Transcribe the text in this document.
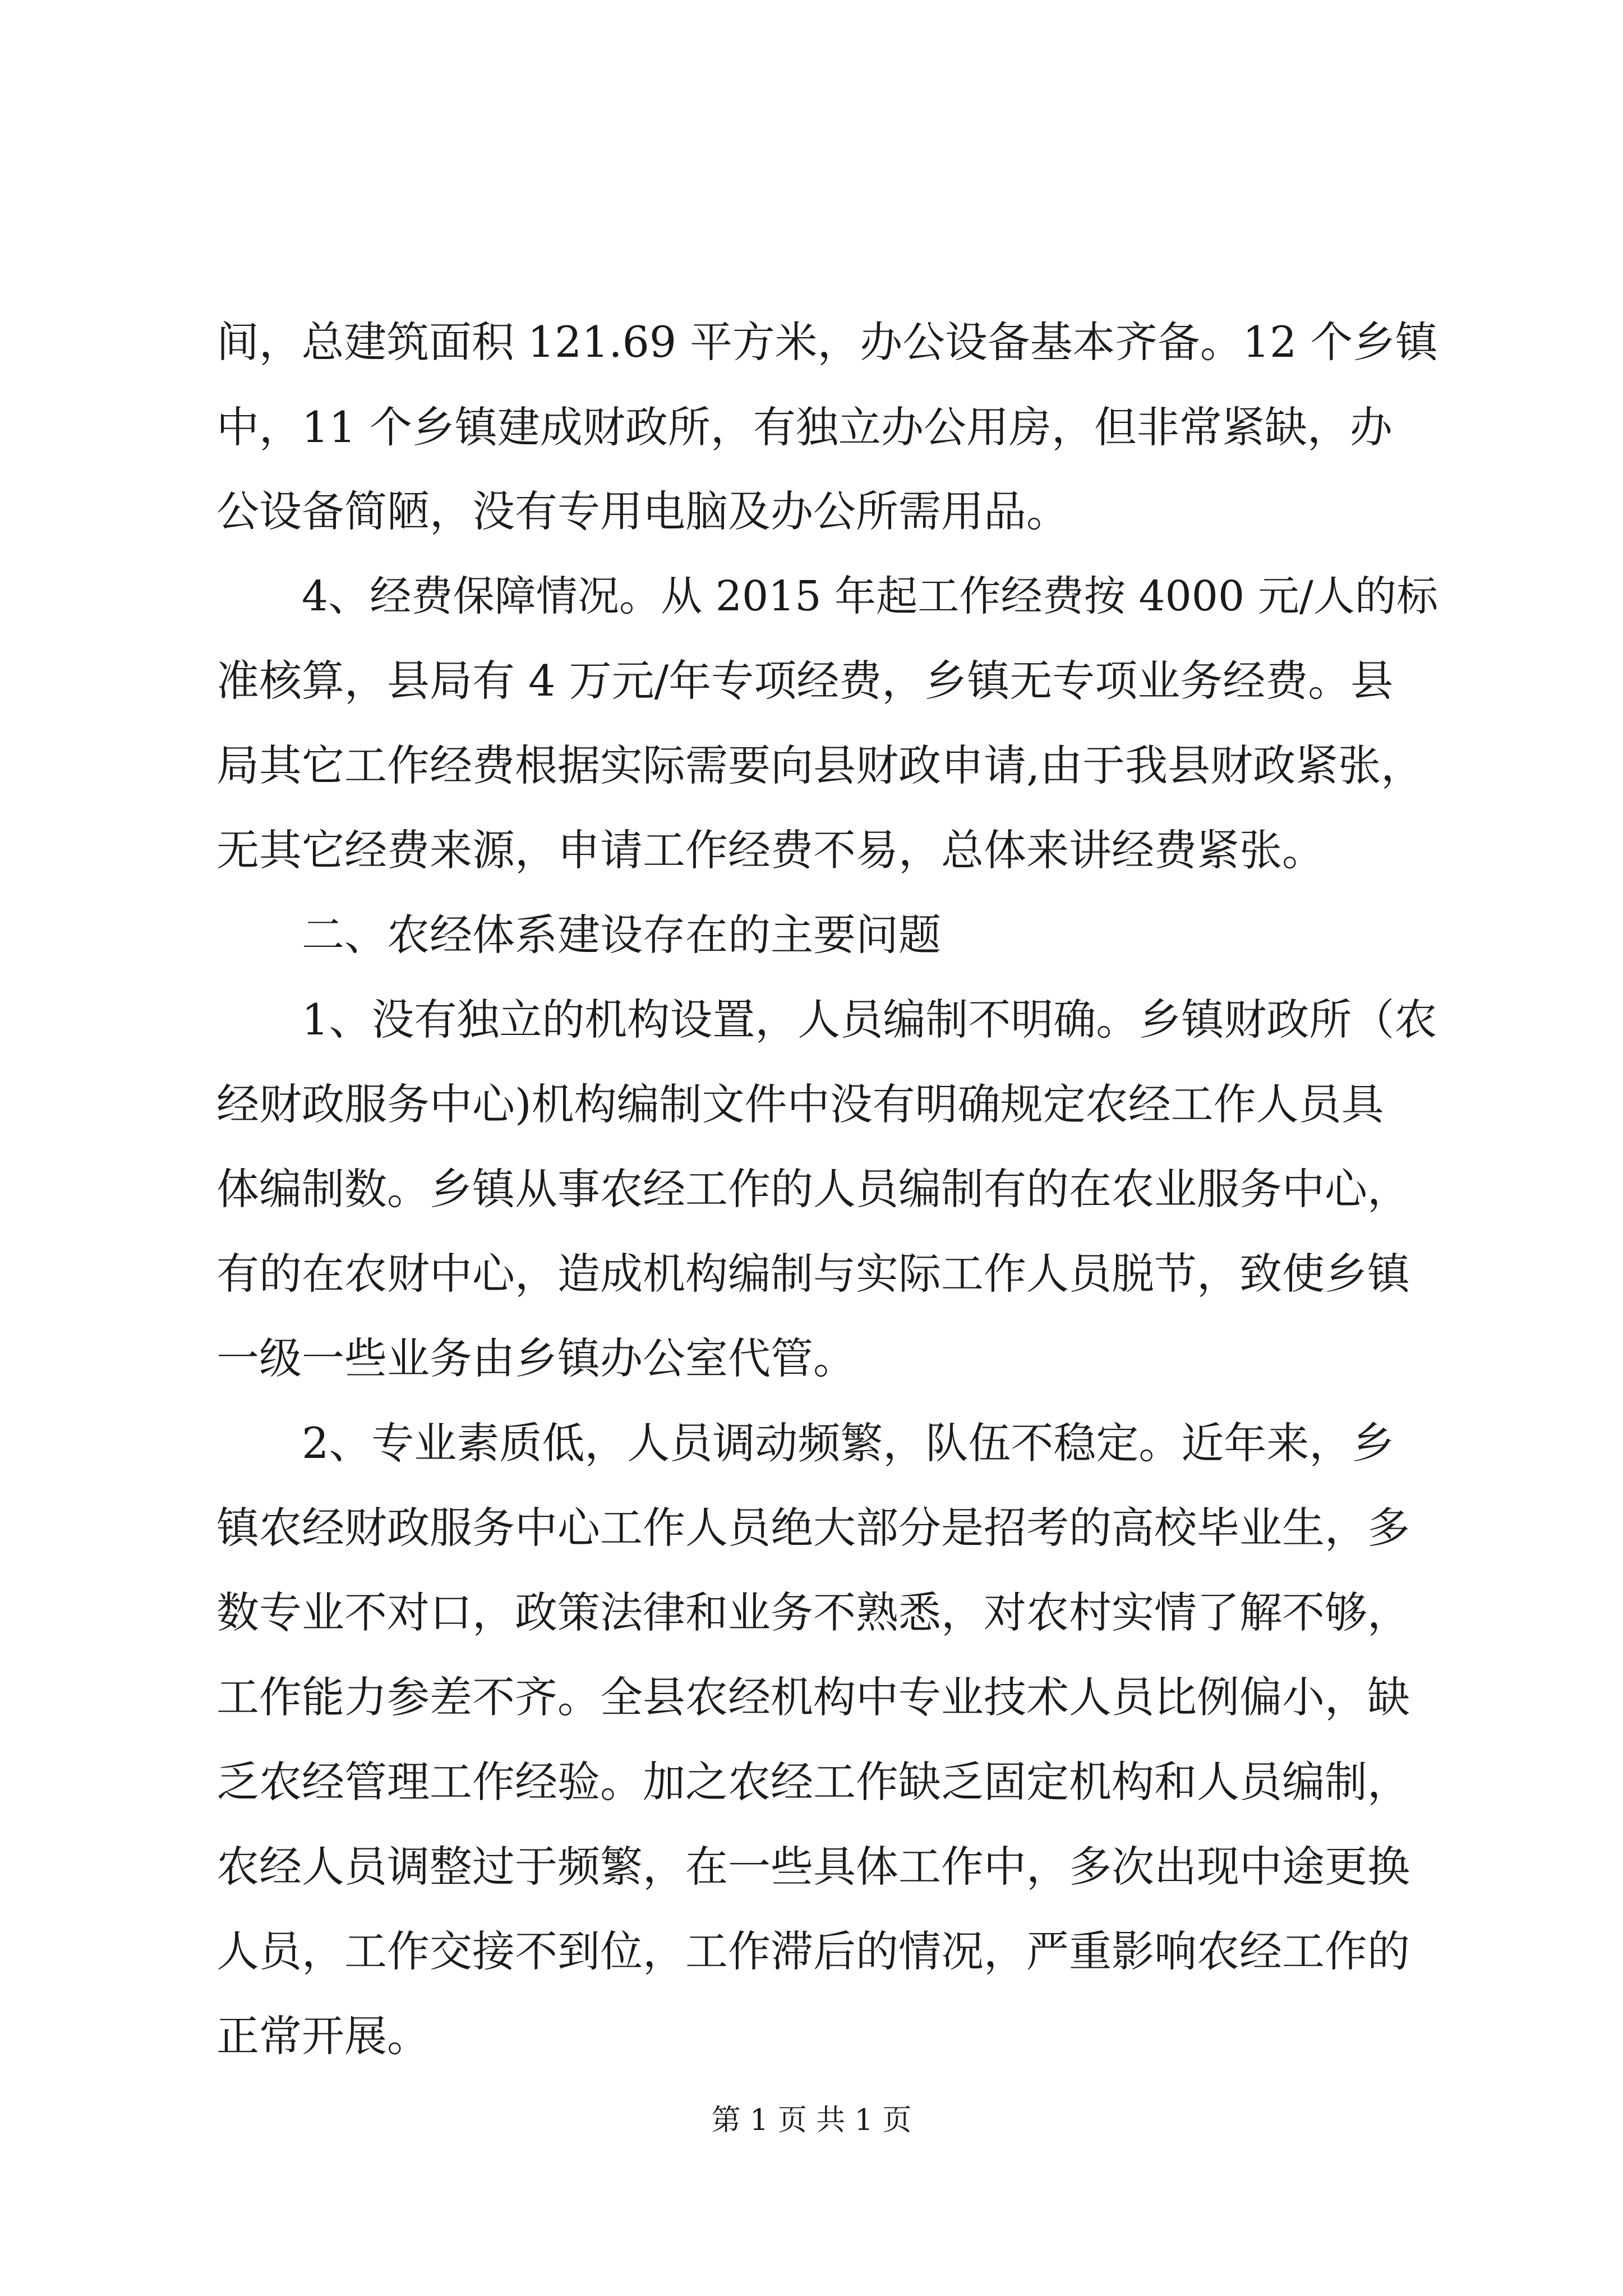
间，总建筑面积 121.69 平方米，办公设备基本齐备。12 个乡镇
中，11 个乡镇建成财政所，有独立办公用房，但非常紧缺，办
公设备简陋，没有专用电脑及办公所需用品。
4、经费保障情况。从 2015 年起工作经费按 4000 元/人的标
准核算，县局有 4 万元/年专项经费，乡镇无专项业务经费。县
局其它工作经费根据实际需要向县财政申请,由于我县财政紧张，
无其它经费来源，申请工作经费不易，总体来讲经费紧张。
二、农经体系建设存在的主要问题
1、没有独立的机构设置，人员编制不明确。乡镇财政所（农
经财政服务中心)机构编制文件中没有明确规定农经工作人员具
体编制数。乡镇从事农经工作的人员编制有的在农业服务中心，
有的在农财中心，造成机构编制与实际工作人员脱节，致使乡镇
一级一些业务由乡镇办公室代管。
2、专业素质低，人员调动频繁，队伍不稳定。近年来，乡
镇农经财政服务中心工作人员绝大部分是招考的高校毕业生，多
数专业不对口，政策法律和业务不熟悉，对农村实情了解不够，
工作能力参差不齐。全县农经机构中专业技术人员比例偏小，缺
乏农经管理工作经验。加之农经工作缺乏固定机构和人员编制，
农经人员调整过于频繁，在一些具体工作中，多次出现中途更换
人员，工作交接不到位，工作滞后的情况，严重影响农经工作的
正常开展。
第 1 页 共 1 页
